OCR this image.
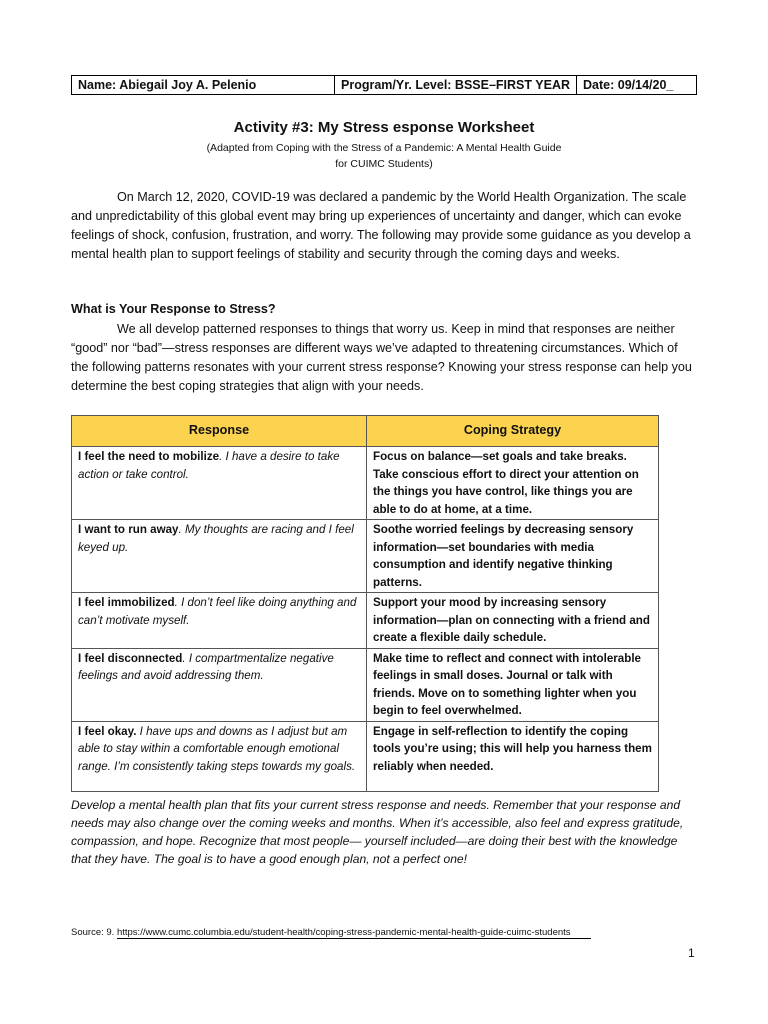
Name: Abiegail Joy A. Pelenio	Program/Yr. Level: BSSE–FIRST YEAR	Date: 09/14/20_
Activity #3: My Stress esponse Worksheet
(Adapted from Coping with the Stress of a Pandemic: A Mental Health Guide
for CUIMC Students)

On March 12, 2020, COVID-19 was declared a pandemic by the World Health Organization. The scale and unpredictability of this global event may bring up experiences of uncertainty and danger, which can evoke feelings of shock, confusion, frustration, and worry. The following may provide some guidance as you develop a mental health plan to support feelings of stability and security through the coming days and weeks.

What is Your Response to Stress?

We all develop patterned responses to things that worry us. Keep in mind that responses are neither “good” nor “bad”—stress responses are different ways we’ve adapted to threatening circumstances. Which of the following patterns resonates with your current stress response? Knowing your stress response can help you determine the best coping strategies that align with your needs.

Response	Coping Strategy
I feel the need to mobilize. I have a desire to take action or take control.	Focus on balance—set goals and take breaks. Take conscious effort to direct your attention on the things you have control, like things you are able to do at home, at a time.
I want to run away. My thoughts are racing and I feel keyed up.	Soothe worried feelings by decreasing sensory information—set boundaries with media consumption and identify negative thinking patterns.
I feel immobilized. I don’t feel like doing anything and can’t motivate myself.	Support your mood by increasing sensory information—plan on connecting with a friend and create a flexible daily schedule.
I feel disconnected. I compartmentalize negative feelings and avoid addressing them.	Make time to reflect and connect with intolerable feelings in small doses. Journal or talk with friends. Move on to something lighter when you begin to feel overwhelmed.
I feel okay. I have ups and downs as I adjust but am able to stay within a comfortable enough emotional range. I’m consistently taking steps towards my goals.	Engage in self-reflection to identify the coping tools you’re using; this will help you harness them reliably when needed.

Develop a mental health plan that fits your current stress response and needs. Remember that your response and needs may also change over the coming weeks and months. When it’s accessible, also feel and express gratitude, compassion, and hope. Recognize that most people— yourself included—are doing their best with the knowledge that they have. The goal is to have a good enough plan, not a perfect one!

Source: 9. https://www.cumc.columbia.edu/student-health/coping-stress-pandemic-mental-health-guide-cuimc-students
1
